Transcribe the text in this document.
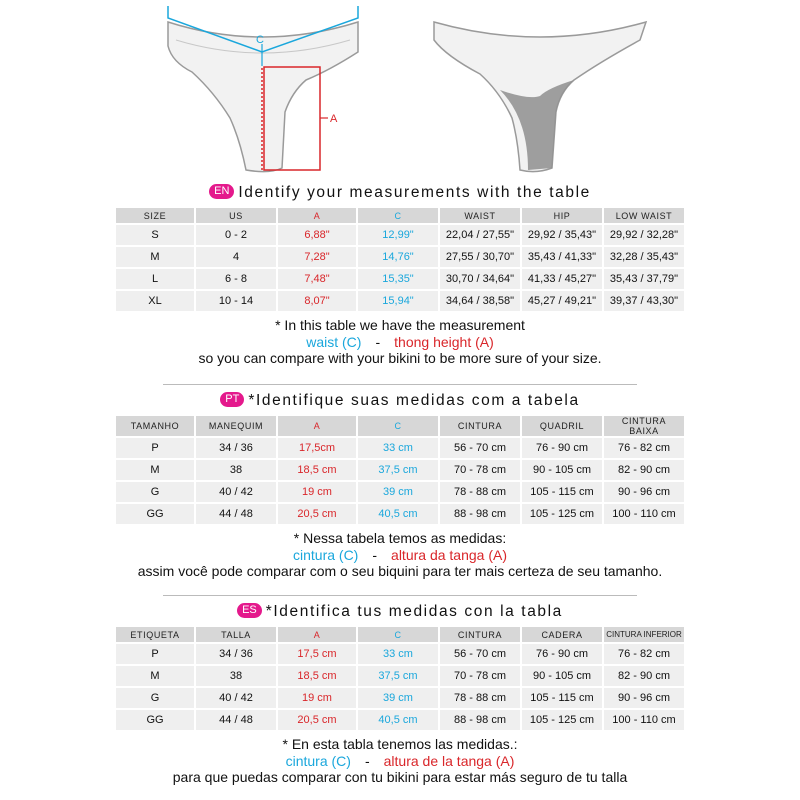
C
A
EN Identify your measurements with the table
SIZE	US	A	C	WAIST	HIP	LOW WAIST
S	0 - 2	6,88"	12,99"	22,04 / 27,55"	29,92 / 35,43"	29,92 / 32,28"
M	4	7,28"	14,76"	27,55 / 30,70"	35,43 / 41,33"	32,28 / 35,43"
L	6 - 8	7,48"	15,35"	30,70 / 34,64"	41,33 / 45,27"	35,43 / 37,79"
XL	10 - 14	8,07"	15,94"	34,64 / 38,58"	45,27 / 49,21"	39,37 / 43,30"
* In this table we have the measurement
waist (C) - thong height (A)
so you can compare with your bikini to be more sure of your size.
PT *Identifique suas medidas com a tabela
TAMANHO	MANEQUIM	A	C	CINTURA	QUADRIL	CINTURA BAIXA
P	34 / 36	17,5cm	33 cm	56 - 70 cm	76 - 90 cm	76 - 82 cm
M	38	18,5 cm	37,5 cm	70 - 78 cm	90 - 105 cm	82 - 90 cm
G	40 / 42	19 cm	39 cm	78 - 88 cm	105 - 115 cm	90 - 96 cm
GG	44 / 48	20,5 cm	40,5 cm	88 - 98 cm	105 - 125 cm	100 - 110 cm
* Nessa tabela temos as medidas:
cintura (C) - altura da tanga (A)
assim você pode comparar com o seu biquini para ter mais certeza de seu tamanho.
ES *Identifica tus medidas con la tabla
ETIQUETA	TALLA	A	C	CINTURA	CADERA	CINTURA INFERIOR
P	34 / 36	17,5 cm	33 cm	56 - 70 cm	76 - 90 cm	76 - 82 cm
M	38	18,5 cm	37,5 cm	70 - 78 cm	90 - 105 cm	82 - 90 cm
G	40 / 42	19 cm	39 cm	78 - 88 cm	105 - 115 cm	90 - 96 cm
GG	44 / 48	20,5 cm	40,5 cm	88 - 98 cm	105 - 125 cm	100 - 110 cm
* En esta tabla tenemos las medidas.:
cintura (C) - altura de la tanga (A)
para que puedas comparar con tu bikini para estar más seguro de tu talla
